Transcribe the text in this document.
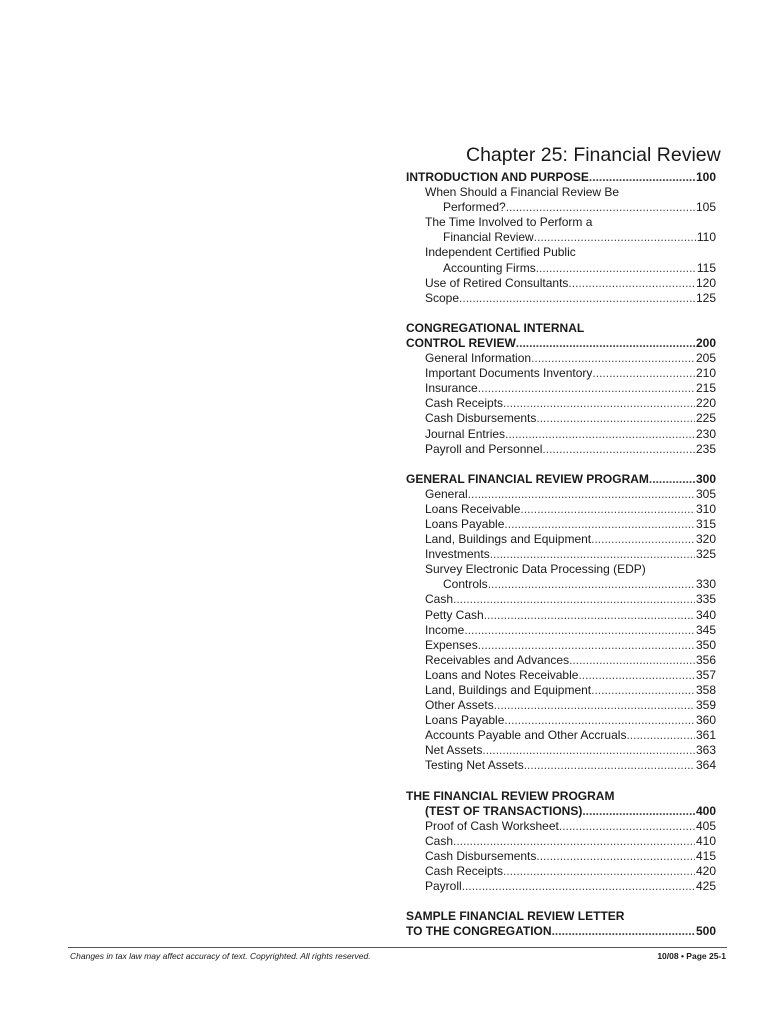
Chapter 25: Financial Review
INTRODUCTION AND PURPOSE .....	100
When Should a Financial Review Be
Performed? .....	105
The Time Involved to Perform a
Financial Review .....	110
Independent Certified Public
Accounting Firms .....	115
Use of Retired Consultants .....	120
Scope .....	125
CONGREGATIONAL INTERNAL
CONTROL REVIEW .....	200
General Information .....	205
Important Documents Inventory .....	210
Insurance .....	215
Cash Receipts .....	220
Cash Disbursements .....	225
Journal Entries .....	230
Payroll and Personnel .....	235
GENERAL FINANCIAL REVIEW PROGRAM .....	300
General .....	305
Loans Receivable .....	310
Loans Payable .....	315
Land, Buildings and Equipment .....	320
Investments .....	325
Survey Electronic Data Processing (EDP)
Controls .....	330
Cash .....	335
Petty Cash .....	340
Income .....	345
Expenses .....	350
Receivables and Advances .....	356
Loans and Notes Receivable .....	357
Land, Buildings and Equipment .....	358
Other Assets .....	359
Loans Payable .....	360
Accounts Payable and Other Accruals .....	361
Net Assets .....	363
Testing Net Assets .....	364
THE FINANCIAL REVIEW PROGRAM
(TEST OF TRANSACTIONS) .....	400
Proof of Cash Worksheet .....	405
Cash .....	410
Cash Disbursements .....	415
Cash Receipts .....	420
Payroll .....	425
SAMPLE FINANCIAL REVIEW LETTER
TO THE CONGREGATION .....	500
Changes in tax law may affect accuracy of text. Copyrighted. All rights reserved.	10/08 • Page 25-1
